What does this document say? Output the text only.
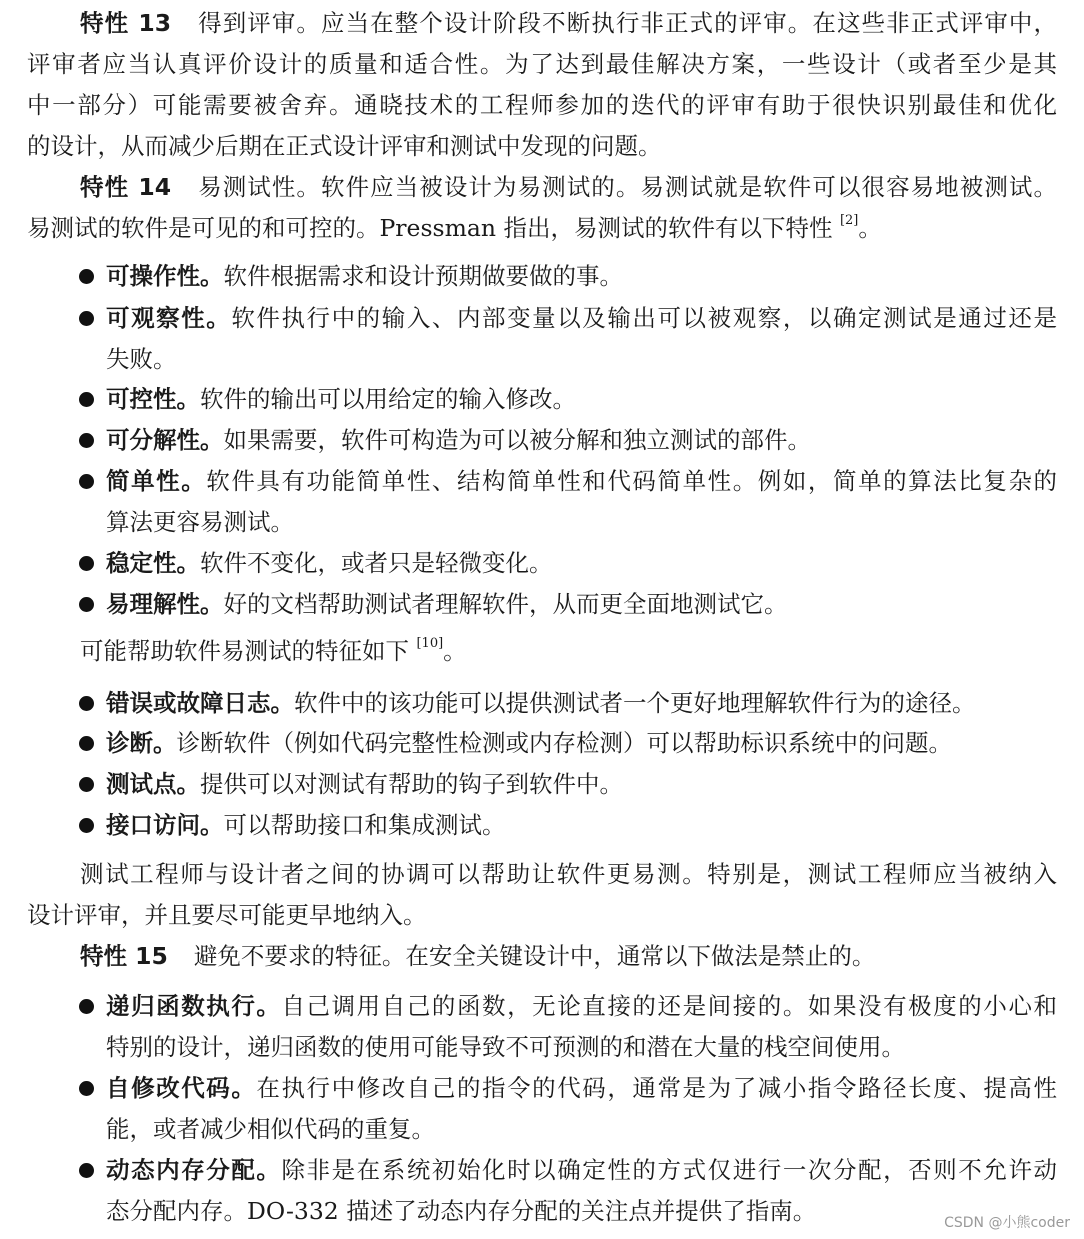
特性 13 得到评审。应当在整个设计阶段不断执行非正式的评审。在这些非正式评审中，
评审者应当认真评价设计的质量和适合性。为了达到最佳解决方案，一些设计（或者至少是其
中一部分）可能需要被舍弃。通晓技术的工程师参加的迭代的评审有助于很快识别最佳和优化
的设计，从而减少后期在正式设计评审和测试中发现的问题。
特性 14 易测试性。软件应当被设计为易测试的。易测试就是软件可以很容易地被测试。
易测试的软件是可见的和可控的。Pressman 指出，易测试的软件有以下特性 [2]。
可能帮助软件易测试的特征如下 [10]。
测试工程师与设计者之间的协调可以帮助让软件更易测。特别是，测试工程师应当被纳入
设计评审，并且要尽可能更早地纳入。
特性 15 避免不要求的特征。在安全关键设计中，通常以下做法是禁止的。
CSDN @小熊coder
可操作性。软件根据需求和设计预期做要做的事。
可观察性。软件执行中的输入、内部变量以及输出可以被观察，以确定测试是通过还是
失败。
可控性。软件的输出可以用给定的输入修改。
可分解性。如果需要，软件可构造为可以被分解和独立测试的部件。
简单性。软件具有功能简单性、结构简单性和代码简单性。例如，简单的算法比复杂的
算法更容易测试。
稳定性。软件不变化，或者只是轻微变化。
易理解性。好的文档帮助测试者理解软件，从而更全面地测试它。
错误或故障日志。软件中的该功能可以提供测试者一个更好地理解软件行为的途径。
诊断。诊断软件（例如代码完整性检测或内存检测）可以帮助标识系统中的问题。
测试点。提供可以对测试有帮助的钩子到软件中。
接口访问。可以帮助接口和集成测试。
递归函数执行。自己调用自己的函数，无论直接的还是间接的。如果没有极度的小心和
特别的设计，递归函数的使用可能导致不可预测的和潜在大量的栈空间使用。
自修改代码。在执行中修改自己的指令的代码，通常是为了减小指令路径长度、提高性
能，或者减少相似代码的重复。
动态内存分配。除非是在系统初始化时以确定性的方式仅进行一次分配，否则不允许动
态分配内存。DO-332 描述了动态内存分配的关注点并提供了指南。
